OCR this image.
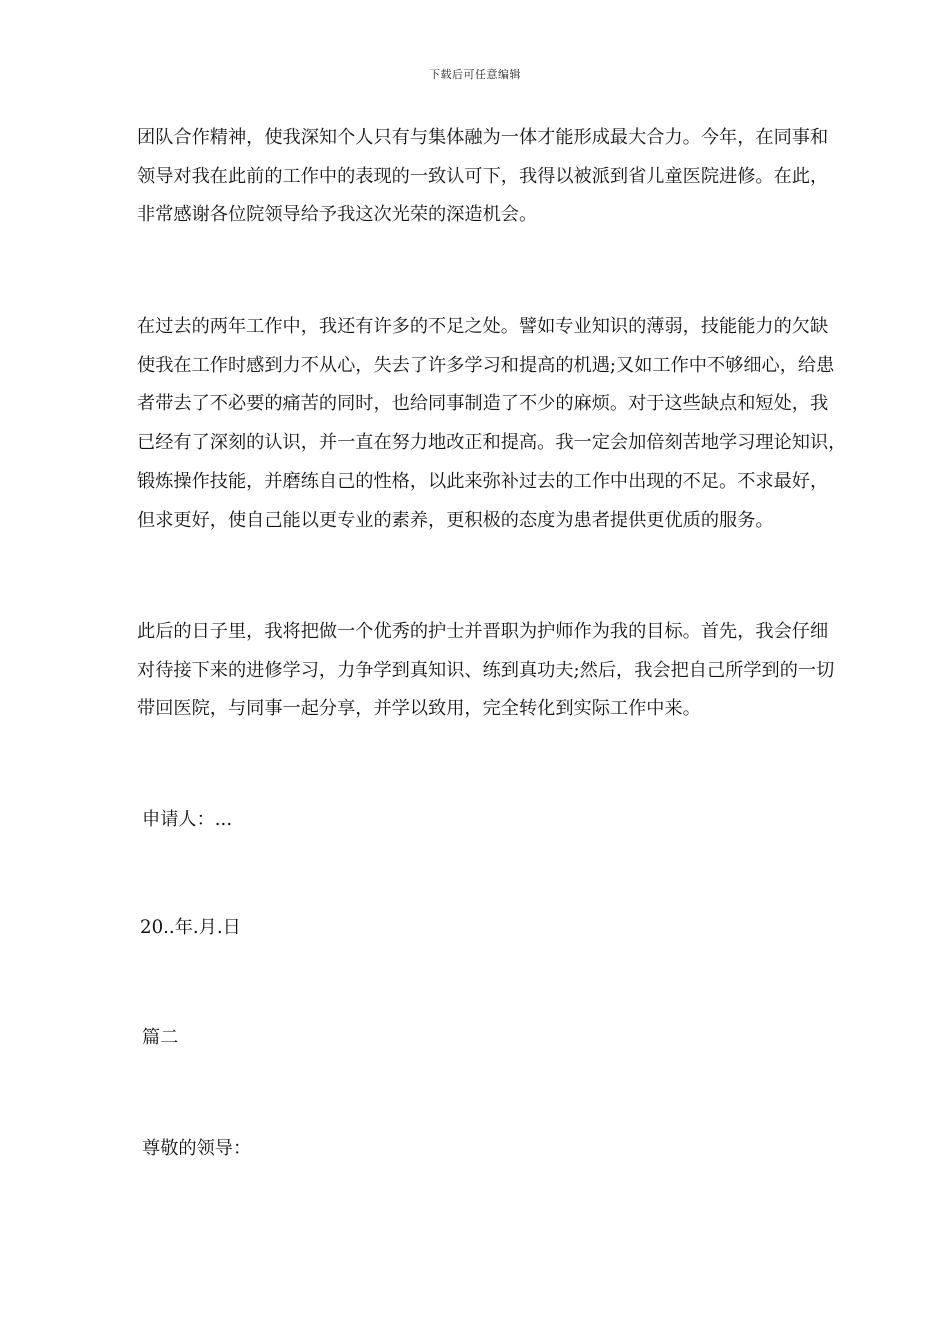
下载后可任意编辑
团队合作精神，使我深知个人只有与集体融为一体才能形成最大合力。今年，在同事和
领导对我在此前的工作中的表现的一致认可下，我得以被派到省儿童医院进修。在此，
非常感谢各位院领导给予我这次光荣的深造机会。
在过去的两年工作中，我还有许多的不足之处。譬如专业知识的薄弱，技能能力的欠缺
使我在工作时感到力不从心，失去了许多学习和提高的机遇;又如工作中不够细心，给患
者带去了不必要的痛苦的同时，也给同事制造了不少的麻烦。对于这些缺点和短处，我
已经有了深刻的认识，并一直在努力地改正和提高。我一定会加倍刻苦地学习理论知识，
锻炼操作技能，并磨练自己的性格，以此来弥补过去的工作中出现的不足。不求最好，
但求更好，使自己能以更专业的素养，更积极的态度为患者提供更优质的服务。
此后的日子里，我将把做一个优秀的护士并晋职为护师作为我的目标。首先，我会仔细
对待接下来的进修学习，力争学到真知识、练到真功夫;然后，我会把自己所学到的一切
带回医院，与同事一起分享，并学以致用，完全转化到实际工作中来。
申请人：...
20..年.月.日
篇二
尊敬的领导：
